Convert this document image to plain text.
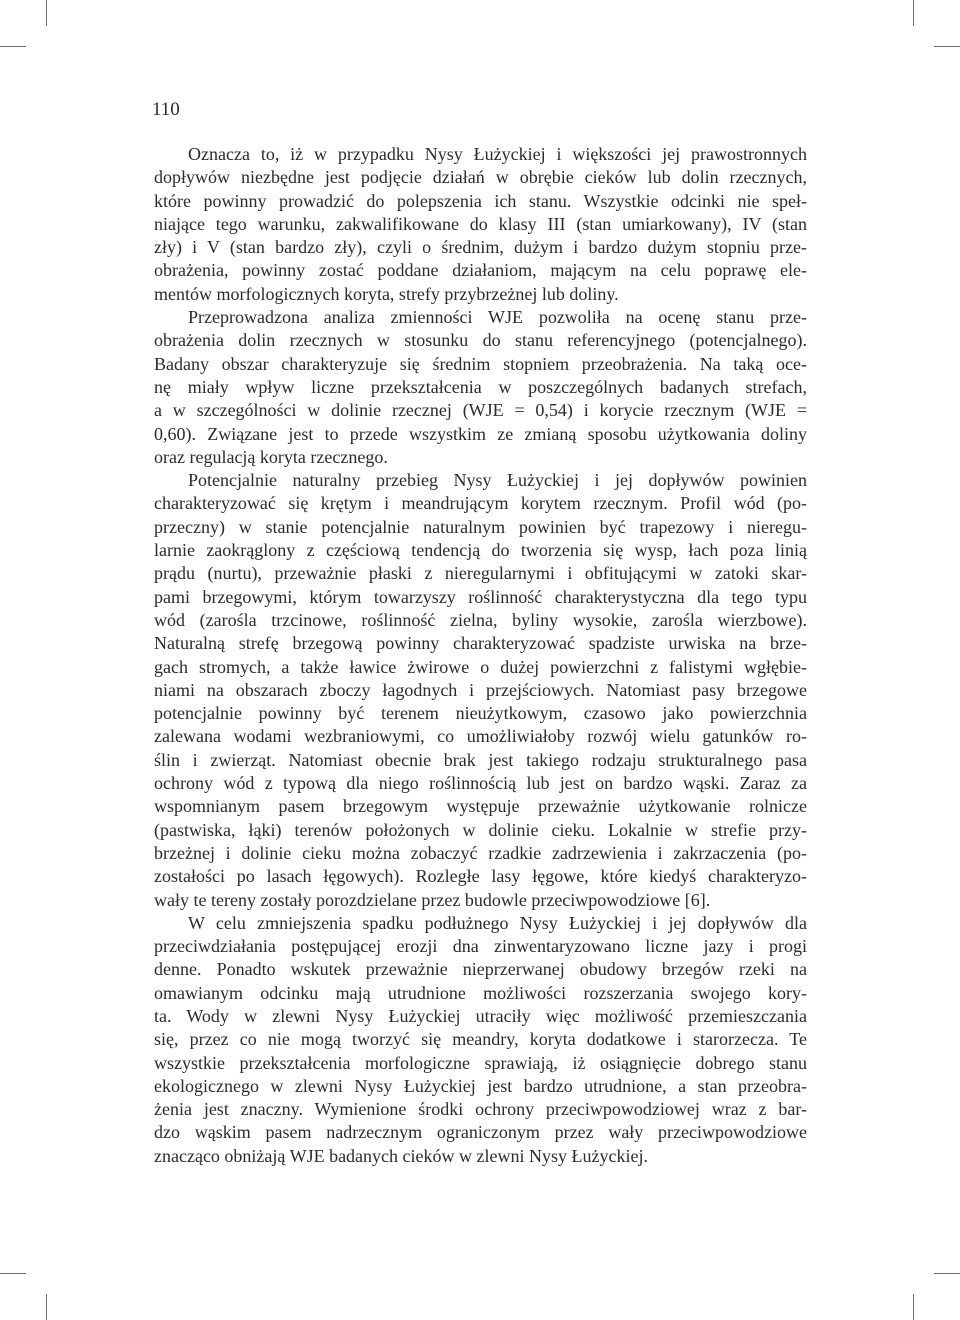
110
Oznacza to, iż w przypadku Nysy Łużyckiej i większości jej prawostronnych
dopływów niezbędne jest podjęcie działań w obrębie cieków lub dolin rzecznych,
które powinny prowadzić do polepszenia ich stanu. Wszystkie odcinki nie speł-
niające tego warunku, zakwalifikowane do klasy III (stan umiarkowany), IV (stan
zły) i V (stan bardzo zły), czyli o średnim, dużym i bardzo dużym stopniu prze-
obrażenia, powinny zostać poddane działaniom, mającym na celu poprawę ele-
mentów morfologicznych koryta, strefy przybrzeżnej lub doliny.
Przeprowadzona analiza zmienności WJE pozwoliła na ocenę stanu prze-
obrażenia dolin rzecznych w stosunku do stanu referencyjnego (potencjalnego).
Badany obszar charakteryzuje się średnim stopniem przeobrażenia. Na taką oce-
nę miały wpływ liczne przekształcenia w poszczególnych badanych strefach,
a w szczególności w dolinie rzecznej (WJE = 0,54) i korycie rzecznym (WJE =
0,60). Związane jest to przede wszystkim ze zmianą sposobu użytkowania doliny
oraz regulacją koryta rzecznego.
Potencjalnie naturalny przebieg Nysy Łużyckiej i jej dopływów powinien
charakteryzować się krętym i meandrującym korytem rzecznym. Profil wód (po-
przeczny) w stanie potencjalnie naturalnym powinien być trapezowy i nieregu-
larnie zaokrąglony z częściową tendencją do tworzenia się wysp, łach poza linią
prądu (nurtu), przeważnie płaski z nieregularnymi i obfitującymi w zatoki skar-
pami brzegowymi, którym towarzyszy roślinność charakterystyczna dla tego typu
wód (zarośla trzcinowe, roślinność zielna, byliny wysokie, zarośla wierzbowe).
Naturalną strefę brzegową powinny charakteryzować spadziste urwiska na brze-
gach stromych, a także ławice żwirowe o dużej powierzchni z falistymi wgłębie-
niami na obszarach zboczy łagodnych i przejściowych. Natomiast pasy brzegowe
potencjalnie powinny być terenem nieużytkowym, czasowo jako powierzchnia
zalewana wodami wezbraniowymi, co umożliwiałoby rozwój wielu gatunków ro-
ślin i zwierząt. Natomiast obecnie brak jest takiego rodzaju strukturalnego pasa
ochrony wód z typową dla niego roślinnością lub jest on bardzo wąski. Zaraz za
wspomnianym pasem brzegowym występuje przeważnie użytkowanie rolnicze
(pastwiska, łąki) terenów położonych w dolinie cieku. Lokalnie w strefie przy-
brzeżnej i dolinie cieku można zobaczyć rzadkie zadrzewienia i zakrzaczenia (po-
zostałości po lasach łęgowych). Rozległe lasy łęgowe, które kiedyś charakteryzo-
wały te tereny zostały porozdzielane przez budowle przeciwpowodziowe [6].
W celu zmniejszenia spadku podłużnego Nysy Łużyckiej i jej dopływów dla
przeciwdziałania postępującej erozji dna zinwentaryzowano liczne jazy i progi
denne. Ponadto wskutek przeważnie nieprzerwanej obudowy brzegów rzeki na
omawianym odcinku mają utrudnione możliwości rozszerzania swojego kory-
ta. Wody w zlewni Nysy Łużyckiej utraciły więc możliwość przemieszczania
się, przez co nie mogą tworzyć się meandry, koryta dodatkowe i starorzecza. Te
wszystkie przekształcenia morfologiczne sprawiają, iż osiągnięcie dobrego stanu
ekologicznego w zlewni Nysy Łużyckiej jest bardzo utrudnione, a stan przeobra-
żenia jest znaczny. Wymienione środki ochrony przeciwpowodziowej wraz z bar-
dzo wąskim pasem nadrzecznym ograniczonym przez wały przeciwpowodziowe
znacząco obniżają WJE badanych cieków w zlewni Nysy Łużyckiej.
